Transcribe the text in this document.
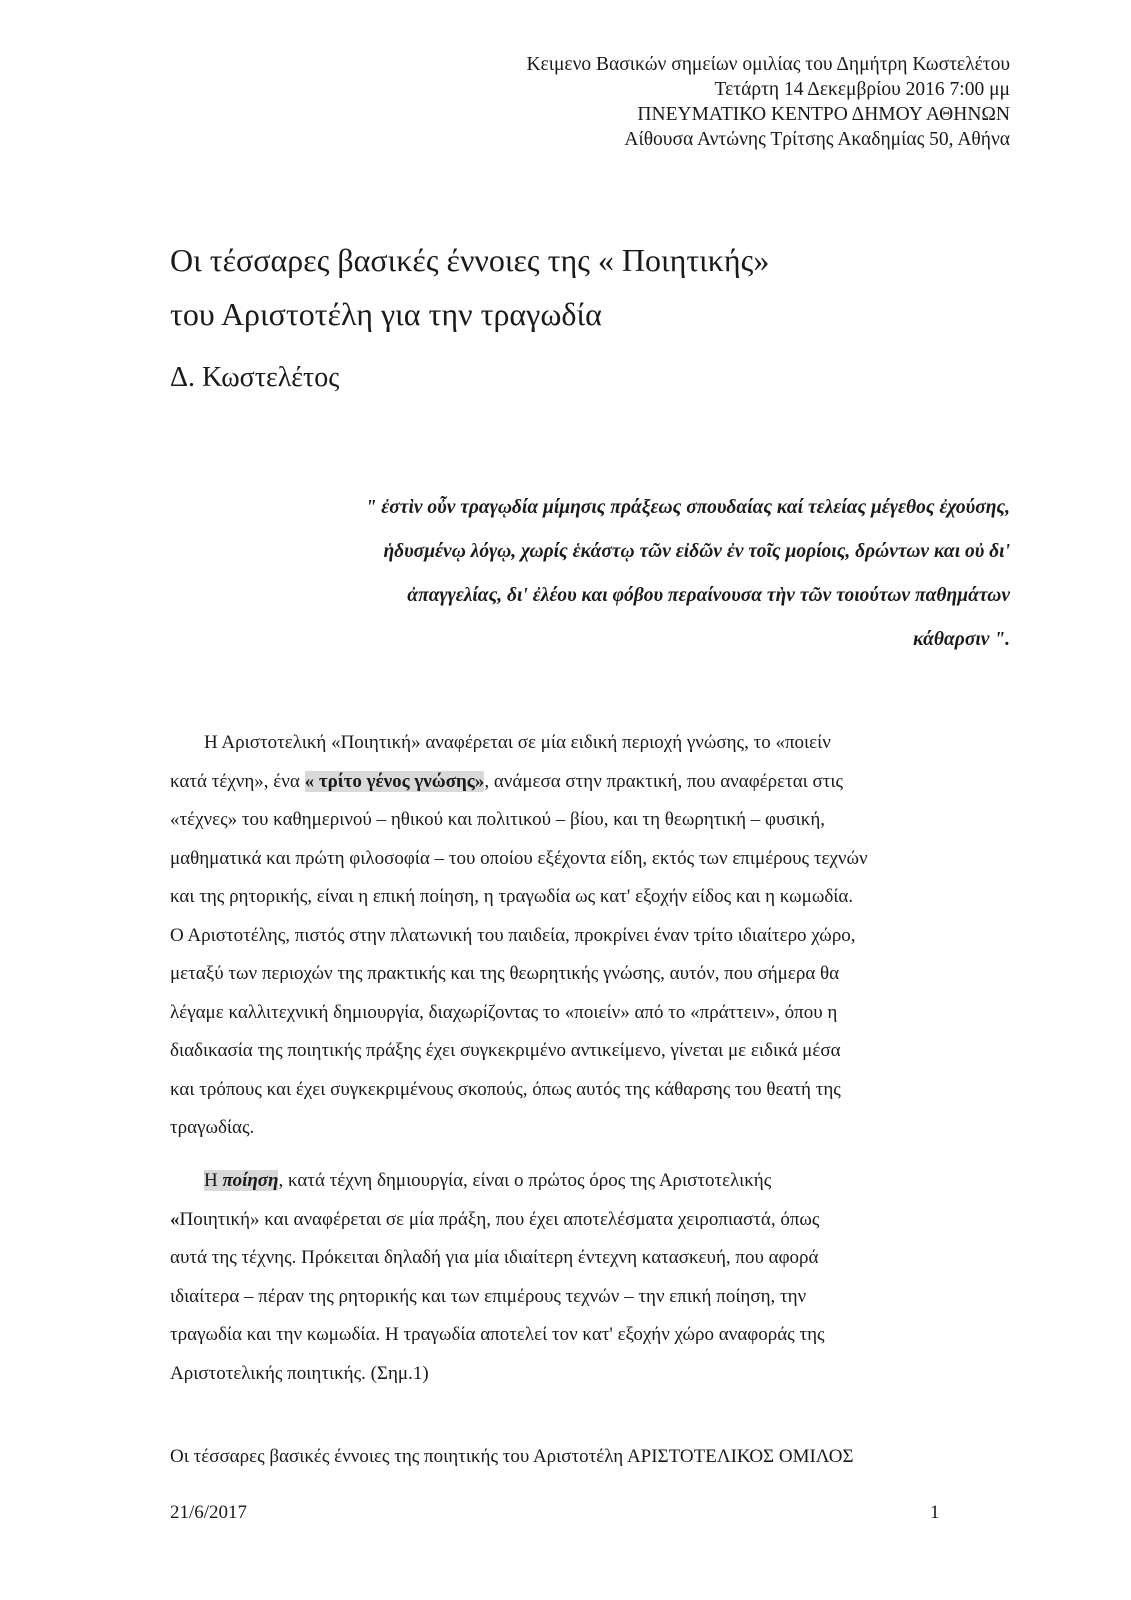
Κειμενο Βασικών σημείων ομιλίας του Δημήτρη Κωστελέτου
Τετάρτη 14 Δεκεμβρίου 2016 7:00 μμ
ΠΝΕΥΜΑΤΙΚΟ ΚΕΝΤΡΟ ΔΗΜΟΥ ΑΘΗΝΩΝ
Αίθουσα Αντώνης Τρίτσης Ακαδημίας 50, Αθήνα
Οι τέσσαρες βασικές έννοιες της « Ποιητικής»
του Αριστοτέλη για την τραγωδία
Δ. Κωστελέτος
" ἐστὶν οὖν τραγῳδία μίμησις πράξεως σπουδαίας καί τελείας μέγεθος ἐχούσης,
ἡδυσμένῳ λόγῳ, χωρίς ἑκάστῳ τῶν εἰδῶν ἐν τοῖς μορίοις, δρώντων και οὐ δι'
ἀπαγγελίας, δι' ἐλέου και φόβου περαίνουσα τὴν τῶν τοιούτων παθημάτων
κάθαρσιν ".
Η Αριστοτελική «Ποιητική» αναφέρεται σε μία ειδική περιοχή γνώσης, το «ποιείν
κατά τέχνη», ένα « τρίτο γένος γνώσης», ανάμεσα στην πρακτική, που αναφέρεται στις
«τέχνες» του καθημερινού – ηθικού και πολιτικού – βίου, και τη θεωρητική – φυσική,
μαθηματικά και πρώτη φιλοσοφία – του οποίου εξέχοντα είδη, εκτός των επιμέρους τεχνών
και της ρητορικής, είναι η επική ποίηση, η τραγωδία ως κατ' εξοχήν είδος και η κωμωδία.
Ο Αριστοτέλης, πιστός στην πλατωνική του παιδεία, προκρίνει έναν τρίτο ιδιαίτερο χώρο,
μεταξύ των περιοχών της πρακτικής και της θεωρητικής γνώσης, αυτόν, που σήμερα θα
λέγαμε καλλιτεχνική δημιουργία, διαχωρίζοντας το «ποιείν» από το «πράττειν», όπου η
διαδικασία της ποιητικής πράξης έχει συγκεκριμένο αντικείμενο, γίνεται με ειδικά μέσα
και τρόπους και έχει συγκεκριμένους σκοπούς, όπως αυτός της κάθαρσης του θεατή της
τραγωδίας.
Η ποίηση, κατά τέχνη δημιουργία, είναι ο πρώτος όρος της Αριστοτελικής
«Ποιητική» και αναφέρεται σε μία πράξη, που έχει αποτελέσματα χειροπιαστά, όπως
αυτά της τέχνης. Πρόκειται δηλαδή για μία ιδιαίτερη έντεχνη κατασκευή, που αφορά
ιδιαίτερα – πέραν της ρητορικής και των επιμέρους τεχνών – την επική ποίηση, την
τραγωδία και την κωμωδία. Η τραγωδία αποτελεί τον κατ' εξοχήν χώρο αναφοράς της
Αριστοτελικής ποιητικής. (Σημ.1)
Οι τέσσαρες βασικές έννοιες της ποιητικής του Αριστοτέλη ΑΡΙΣΤΟΤΕΛΙΚΟΣ ΟΜΙΛΟΣ
21/6/2017	1
